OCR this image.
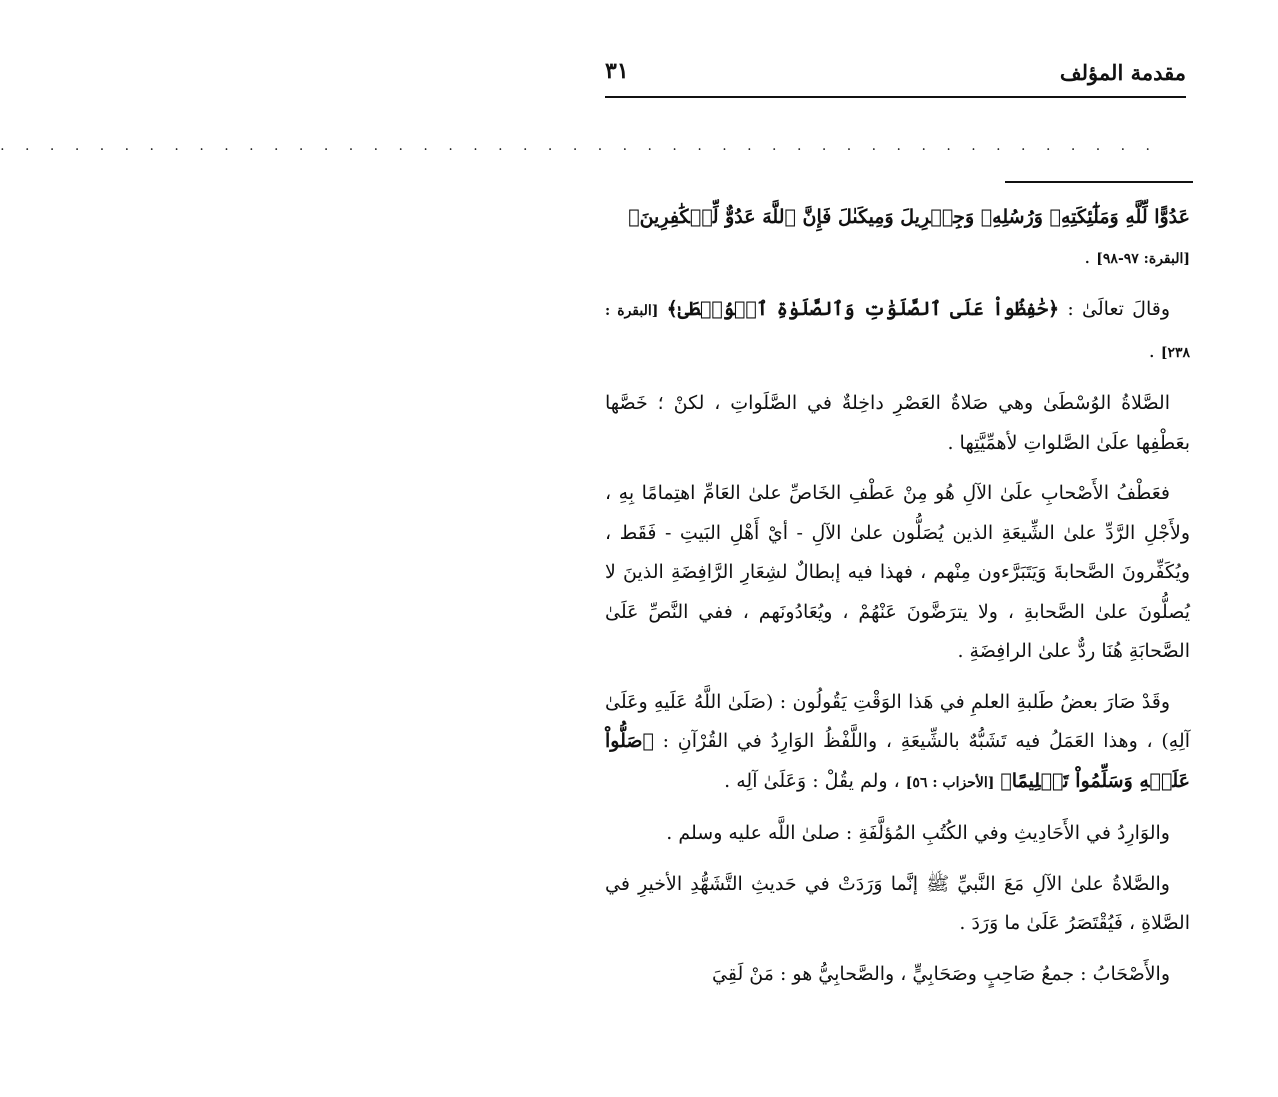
مقدمة المؤلف
٣١
. . . . . . . . . . . . . . . . . . . . . . . . . . . . . . . . . . . . . . . . . . . . . . .

عَدُوًّا لِّلَّهِ وَمَلَٰٓئِكَتِهِۦ وَرُسُلِهِۦ وَجِبۡرِيلَ وَمِيكَىٰلَ فَإِنَّ ٱللَّهَ عَدُوٌّ لِّلۡكَٰفِرِينَ﴾
[البقرة: ٩٧-٩٨] .

وقالَ تعالَىٰ : ﴿حَٰفِظُواْ عَلَى ٱلصَّلَوَٰتِ وَٱلصَّلَوٰةِ ٱلۡوُسۡطَىٰ﴾ [البقرة : ٢٣٨] .

الصَّلاةُ الوُسْطَىٰ وهي صَلاةُ العَصْرِ داخِلةٌ في الصَّلَواتِ ، لكنْ ؛ خَصَّها بعَطْفِها علَىٰ الصَّلواتِ لأهمِّيَّتِها .

فعَطْفُ الأَصْحابِ علَىٰ الآلِ هُو مِنْ عَطْفِ الخَاصِّ علىٰ العَامِّ اهتِمامًا بِهِ ، ولأَجْلِ الرَّدِّ علىٰ الشِّيعَةِ الذين يُصَلُّون علىٰ الآلِ - أيْ أَهْلِ البَيتِ - فَقَط ، ويُكَفِّرونَ الصَّحابةَ وَيَتَبَرَّءون مِنْهم ، فهذا فيه إبطالٌ لشِعَارِ الرَّافِضَةِ الذينَ لا يُصلُّونَ علىٰ الصَّحابةِ ، ولا يترَضَّونَ عَنْهُمْ ، ويُعَادُونَهم ، ففي النَّصِّ عَلَىٰ الصَّحابَةِ هُنَا ردٌّ علىٰ الرافِضَةِ .

وقَدْ صَارَ بعضُ طَلبةِ العلمِ في هَذا الوَقْتِ يَقُولُون : (صَلَىٰ اللَّهُ عَلَيهِ وعَلَىٰ آلِهِ) ، وهذا العَمَلُ فيه تَشَبُّهٌ بالشِّيعَةِ ، واللَّفْظُ الوَارِدُ في القُرْآنِ : ﴿صَلُّواْ عَلَيۡهِ وَسَلِّمُواْ تَسۡلِيمًا﴾ [الأحزاب : ٥٦] ، ولم يقُلْ : وَعَلَىٰ آلِه .

والوَارِدُ في الأَحَادِيثِ وفي الكُتُبِ المُؤلَّفَةِ : صلىٰ اللَّه عليه وسلم .

والصَّلاةُ علىٰ الآلِ مَعَ النَّبيِّ ﷺ إنَّما وَرَدَتْ في حَديثِ التَّشَهُّدِ الأخيرِ في الصَّلاةِ ، فَيُقْتَصَرُ عَلَىٰ ما وَرَدَ .

والأَصْحَابُ : جمعُ صَاحِبٍ وصَحَابِيٍّ ، والصَّحابِيُّ هو : مَنْ لَقِيَ
